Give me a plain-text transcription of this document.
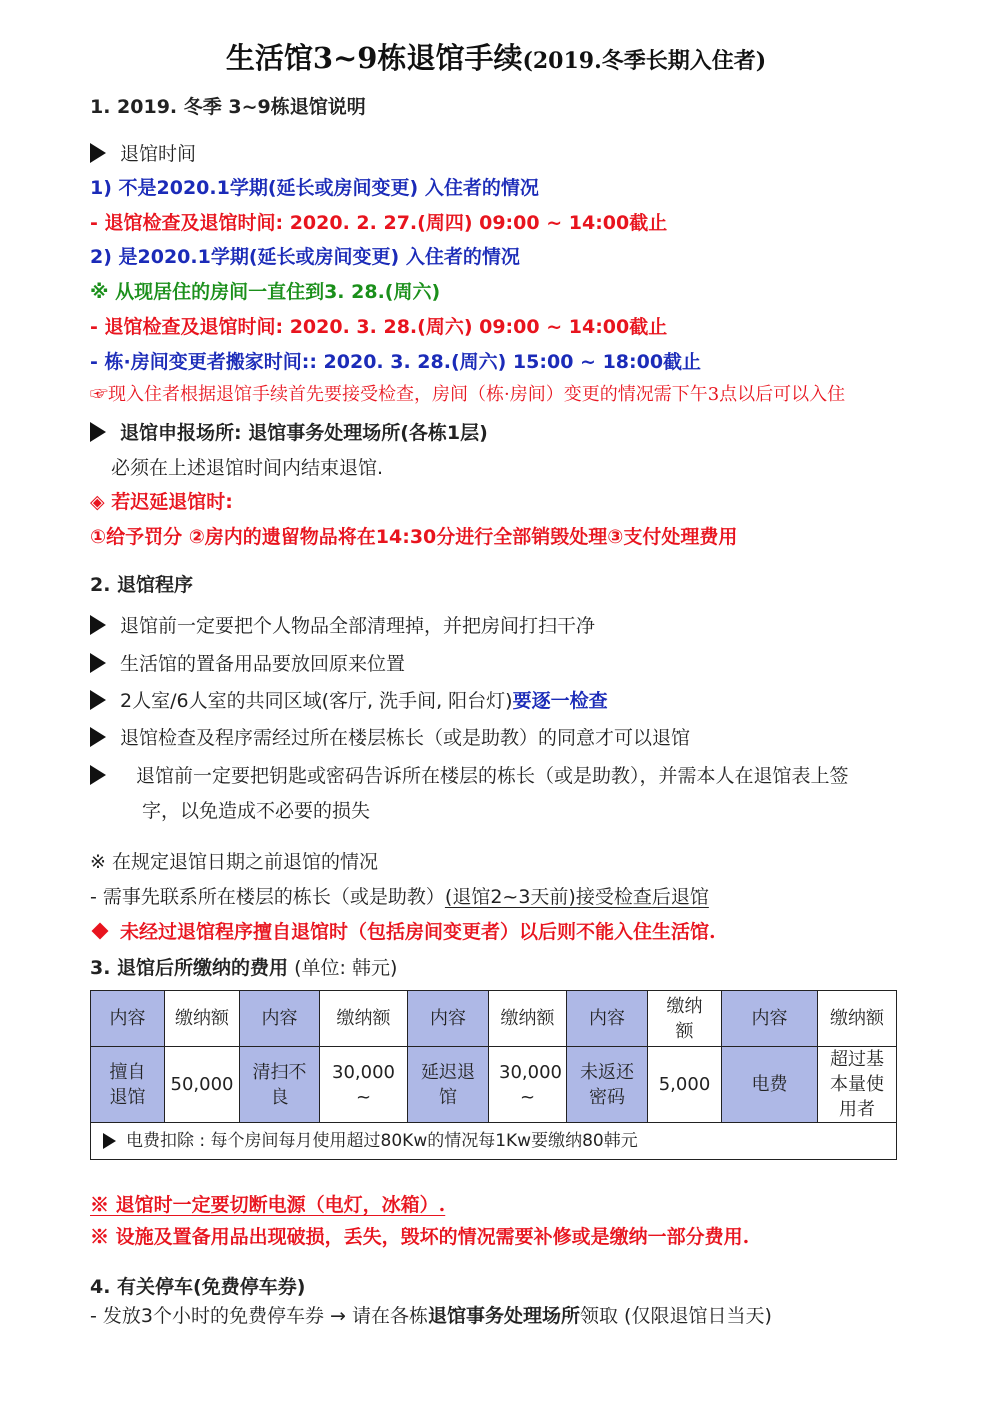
生活馆3~9栋退馆手续(2019.冬季长期入住者)
1. 2019. 冬季 3~9栋退馆说明
退馆时间
1) 不是2020.1学期(延长或房间变更) 入住者的情况
- 退馆检查及退馆时间: 2020. 2. 27.(周四) 09:00 ~ 14:00截止
2) 是2020.1学期(延长或房间变更) 入住者的情况
※ 从现居住的房间一直住到3. 28.(周六)
- 退馆检查及退馆时间: 2020. 3. 28.(周六) 09:00 ~ 14:00截止
- 栋·房间变更者搬家时间:: 2020. 3. 28.(周六) 15:00 ~ 18:00截止
☞现入住者根据退馆手续首先要接受检查，房间（栋·房间）变更的情况需下午3点以后可以入住
退馆申报场所: 退馆事务处理场所(各栋1层)
必须在上述退馆时间内结束退馆.
◈ 若迟延退馆时:
①给予罚分 ②房内的遗留物品将在14:30分进行全部销毁处理③支付处理费用
2. 退馆程序
退馆前一定要把个人物品全部清理掉，并把房间打扫干净
生活馆的置备用品要放回原来位置
2人室/6人室的共同区域(客厅, 洗手间, 阳台灯)要逐一检查
退馆检查及程序需经过所在楼层栋长（或是助教）的同意才可以退馆
退馆前一定要把钥匙或密码告诉所在楼层的栋长（或是助教），并需本人在退馆表上签
字，以免造成不必要的损失
※ 在规定退馆日期之前退馆的情况
- 需事先联系所在楼层的栋长（或是助教）(退馆2~3天前)接受检查后退馆
未经过退馆程序擅自退馆时（包括房间变更者）以后则不能入住生活馆.
3. 退馆后所缴纳的费用 (单位: 韩元)
内容	缴纳额	内容	缴纳额	内容	缴纳额	内容	缴纳额	内容	缴纳额
擅自退馆	50,000	清扫不良	30,000 ~	延迟退馆	30,000 ~	未返还密码	5,000	电费	超过基本量使用者
电费扣除 : 每个房间每月使用超过80Kw的情况每1Kw要缴纳80韩元									
※ 退馆时一定要切断电源（电灯，冰箱）.
※ 设施及置备用品出现破损，丢失，毁坏的情况需要补修或是缴纳一部分费用.
4. 有关停车(免费停车券)
- 发放3个小时的免费停车券 → 请在各栋退馆事务处理场所领取 (仅限退馆日当天)
